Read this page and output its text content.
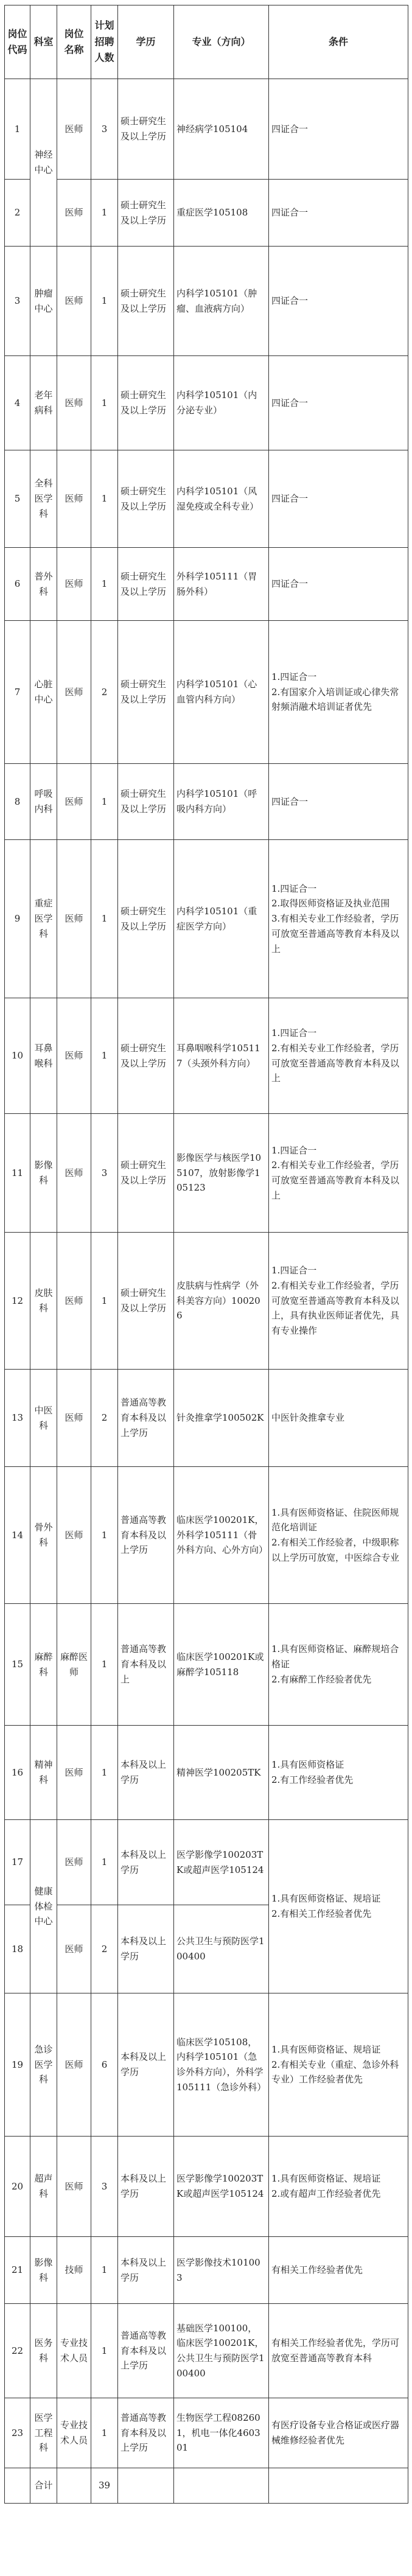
岗位代码	科室	岗位名称	计划招聘人数	学历	专业（方向）	条件
1	神经中心	医师	3	硕士研究生及以上学历	神经病学105104	四证合一
2		医师	1	硕士研究生及以上学历	重症医学105108	四证合一
3	肿瘤中心	医师	1	硕士研究生及以上学历	内科学105101（肿瘤、血液病方向）	四证合一
4	老年病科	医师	1	硕士研究生及以上学历	内科学105101（内分泌专业）	四证合一
5	全科医学科	医师	1	硕士研究生及以上学历	内科学105101（风湿免疫或全科专业）	四证合一
6	普外科	医师	1	硕士研究生及以上学历	外科学105111（胃肠外科）	四证合一
7	心脏中心	医师	2	硕士研究生及以上学历	内科学105101（心血管内科方向）	1.四证合一
2.有国家介入培训证或心律失常射频消融术培训证者优先
8	呼吸内科	医师	1	硕士研究生及以上学历	内科学105101（呼吸内科方向）	四证合一
9	重症医学科	医师	1	硕士研究生及以上学历	内科学105101（重症医学方向）	1.四证合一
2.取得医师资格证及执业范围
3.有相关专业工作经验者，学历可放宽至普通高等教育本科及以上
10	耳鼻喉科	医师	1	硕士研究生及以上学历	耳鼻咽喉科学105117（头颈外科方向）	1.四证合一
2.有相关专业工作经验者，学历可放宽至普通高等教育本科及以上
11	影像科	医师	3	硕士研究生及以上学历	影像医学与核医学105107，放射影像学105123	1.四证合一
2.有相关专业工作经验者，学历可放宽至普通高等教育本科及以上
12	皮肤科	医师	1	硕士研究生及以上学历	皮肤病与性病学（外科美容方向）100206	1.四证合一
2.有相关专业工作经验者，学历可放宽至普通高等教育本科及以上，具有执业医师证者优先，具有专业操作
13	中医科	医师	2	普通高等教育本科及以上学历	针灸推拿学100502K	中医针灸推拿专业
14	骨外科	医师	1	普通高等教育本科及以上学历	临床医学100201K，外科学105111（骨外科方向、心外方向）	1.具有医师资格证、住院医师规范化培训证
2.有相关工作经验者，中级职称以上学历可放宽，中医综合专业
15	麻醉科	麻醉医师	1	普通高等教育本科及以上	临床医学100201K或麻醉学105118	1.具有医师资格证、麻醉规培合格证
2.有麻醉工作经验者优先
16	精神科	医师	1	本科及以上学历	精神医学100205TK	1.具有医师资格证
2.有工作经验者优先
17	健康体检中心	医师	1	本科及以上学历	医学影像学100203TK或超声医学105124	1.具有医师资格证、规培证
2.有相关工作经验者优先
18		医师	2	本科及以上学历	公共卫生与预防医学100400	
19	急诊医学科	医师	6	本科及以上学历	临床医学105108，内科学105101（急诊外科方向），外科学105111（急诊外科）	1.具有医师资格证、规培证
2.有相关专业（重症、急诊外科专业）工作经验者优先
20	超声科	医师	3	本科及以上学历	医学影像学100203TK或超声医学105124	1.具有医师资格证、规培证
2.或有超声工作经验者优先
21	影像科	技师	1	本科及以上学历	医学影像技术101003	有相关工作经验者优先
22	医务科	专业技术人员	1	普通高等教育本科及以上学历	基础医学100100，临床医学100201K，公共卫生与预防医学100400	有相关工作经验者优先，学历可放宽至普通高等教育本科
23	医学工程科	专业技术人员	1	普通高等教育本科及以上学历	生物医学工程082601，机电一体化460301	有医疗设备专业合格证或医疗器械维修经验者优先
	合计		39			
